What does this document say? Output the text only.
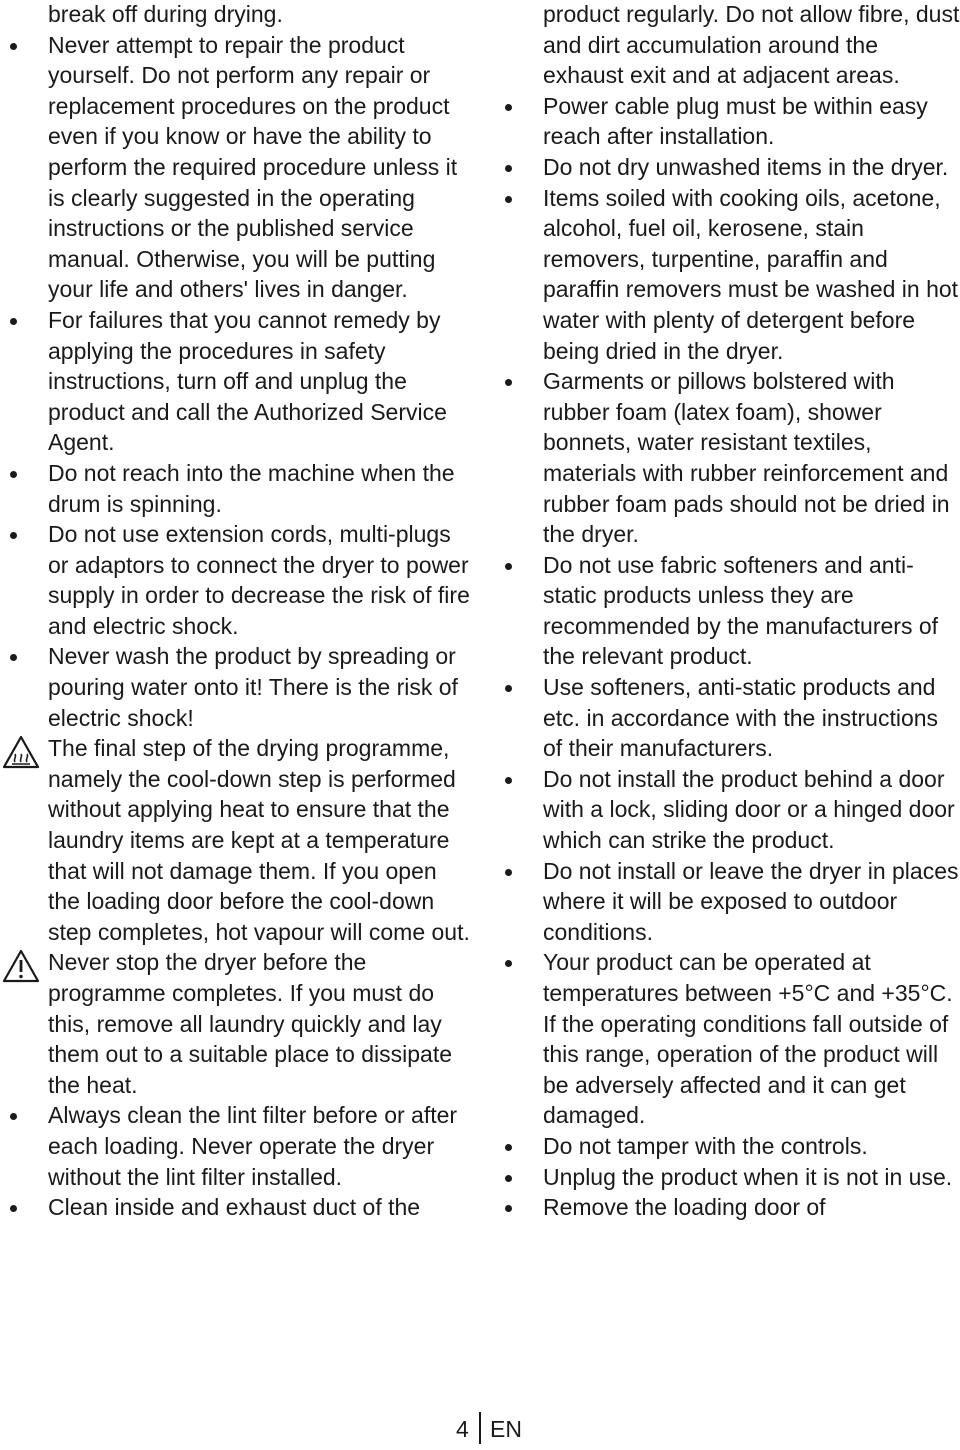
break off during drying.
Never attempt to repair the product yourself. Do not perform any repair or replacement procedures on the product even if you know or have the ability to perform the required procedure unless it is clearly suggested in the operating instructions or the published service manual. Otherwise, you will be putting your life and others' lives in danger.
For failures that you cannot remedy by applying the procedures in safety instructions, turn off and unplug the product and call the Authorized Service Agent.
Do not reach into the machine when the drum is spinning.
Do not use extension cords, multi-plugs or adaptors to connect the dryer to power supply in order to decrease the risk of fire and electric shock.
Never wash the product by spreading or pouring water onto it! There is the risk of electric shock!
The final step of the drying programme, namely the cool-down step is performed without applying heat to ensure that the laundry items are kept at a temperature that will not damage them. If you open the loading door before the cool-down step completes, hot vapour will come out.
Never stop the dryer before the programme completes. If you must do this, remove all laundry quickly and lay them out to a suitable place to dissipate the heat.
Always clean the lint filter before or after each loading. Never operate the dryer without the lint filter installed.
Clean inside and exhaust duct of the
product regularly. Do not allow fibre, dust and dirt accumulation around the exhaust exit and at adjacent areas.
Power cable plug must be within easy reach after installation.
Do not dry unwashed items in the dryer.
Items soiled with cooking oils, acetone, alcohol, fuel oil, kerosene, stain removers, turpentine, paraffin and paraffin removers must be washed in hot water with plenty of detergent before being dried in the dryer.
Garments or pillows bolstered with rubber foam (latex foam), shower bonnets, water resistant textiles, materials with rubber reinforcement and rubber foam pads should not be dried in the dryer.
Do not use fabric softeners and anti-static products unless they are recommended by the manufacturers of the relevant product.
Use softeners, anti-static products and etc. in accordance with the instructions of their manufacturers.
Do not install the product behind a door with a lock, sliding door or a hinged door which can strike the product.
Do not install or leave the dryer in places where it will be exposed to outdoor conditions.
Your product can be operated at temperatures between +5°C and +35°C. If the operating conditions fall outside of this range, operation of the product will be adversely affected and it can get damaged.
Do not tamper with the controls.
Unplug the product when it is not in use.
Remove the loading door of
4 EN
